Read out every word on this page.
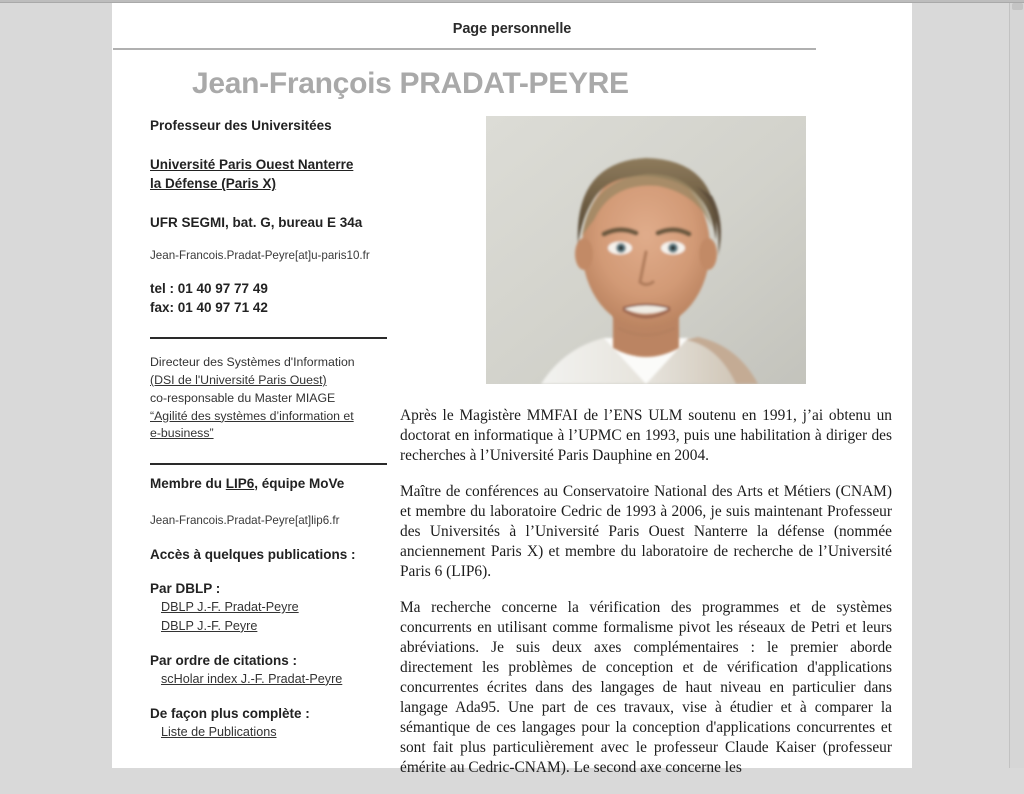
Page personnelle
Jean-François PRADAT-PEYRE
Professeur des Universitées
Université Paris Ouest Nanterre
la Défense (Paris X)
UFR SEGMI, bat. G, bureau E 34a
Jean-Francois.Pradat-Peyre[at]u-paris10.fr
tel : 01 40 97 77 49
fax: 01 40 97 71 42
Directeur des Systèmes d'Information
(DSI de l'Université Paris Ouest)
co-responsable du Master MIAGE
“Agilité des systèmes d’information et
e-business”
Membre du LIP6, équipe MoVe
Jean-Francois.Pradat-Peyre[at]lip6.fr
Accès à quelques publications :
Par DBLP :
DBLP J.-F. Pradat-Peyre
DBLP J.-F. Peyre
Par ordre de citations :
scHolar index J.-F. Pradat-Peyre
De façon plus complète :
Liste de Publications

Après le Magistère MMFAI de l’ENS ULM soutenu en 1991, j’ai obtenu un doctorat en informatique à l’UPMC en 1993, puis une habilitation à diriger des recherches à l’Université Paris Dauphine en 2004.

Maître de conférences au Conservatoire National des Arts et Métiers (CNAM) et membre du laboratoire Cedric de 1993 à 2006, je suis maintenant Professeur des Universités à l’Université Paris Ouest Nanterre la défense (nommée anciennement Paris X) et membre du laboratoire de recherche de l’Université Paris 6 (LIP6).

Ma recherche concerne la vérification des programmes et de systèmes concurrents en utilisant comme formalisme pivot les réseaux de Petri et leurs abréviations. Je suis deux axes complémentaires : le premier aborde directement les problèmes de conception et de vérification d'applications concurrentes écrites dans des langages de haut niveau en particulier dans langage Ada95. Une part de ces travaux, vise à étudier et à comparer la sémantique de ces langages pour la conception d'applications concurrentes et sont fait plus particulièrement avec le professeur Claude Kaiser (professeur émérite au Cedric-CNAM). Le second axe concerne les
